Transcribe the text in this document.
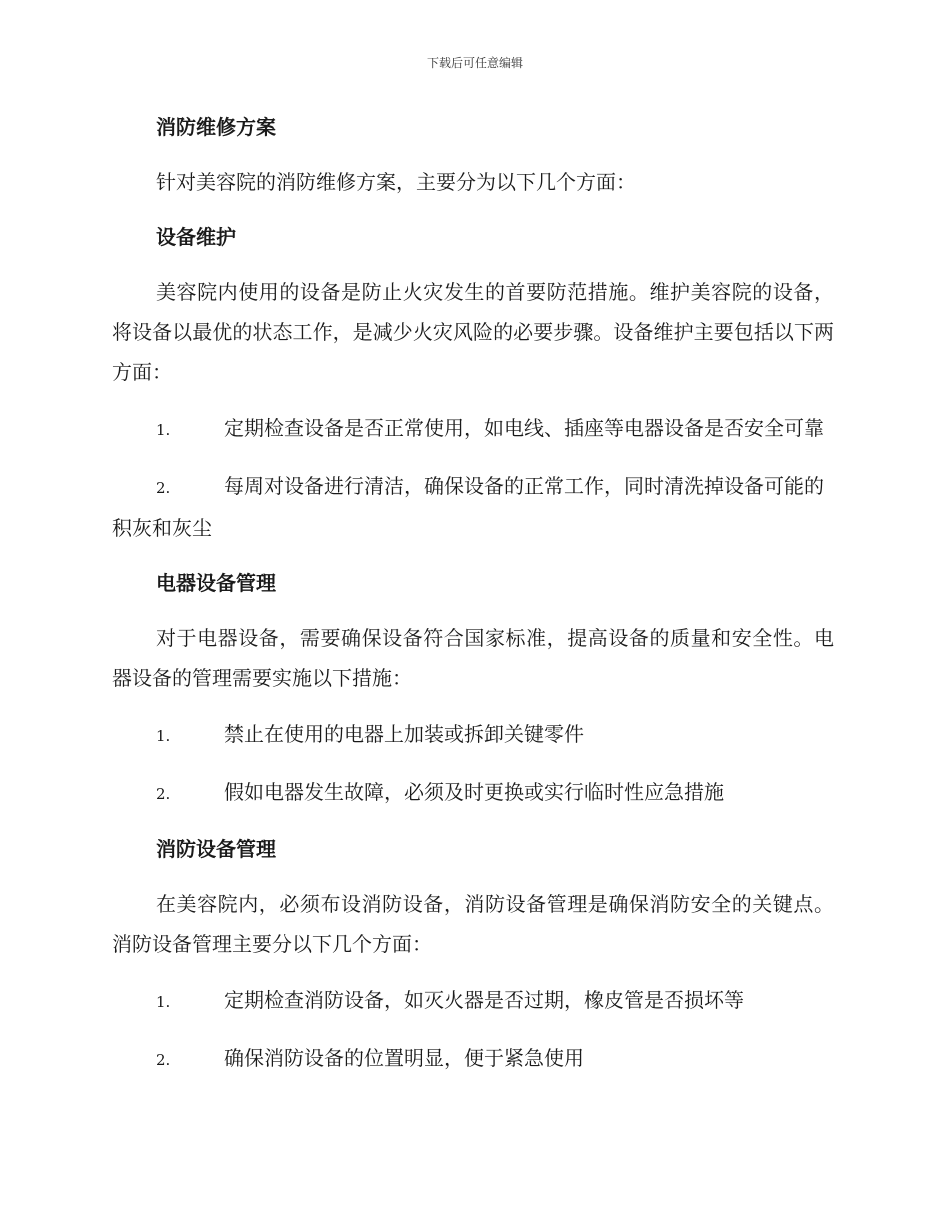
下载后可任意编辑
消防维修方案
针对美容院的消防维修方案，主要分为以下几个方面：
设备维护
美容院内使用的设备是防止火灾发生的首要防范措施。维护美容院的设备，将设备以最优的状态工作，是减少火灾风险的必要步骤。设备维护主要包括以下两方面：
1.	定期检查设备是否正常使用，如电线、插座等电器设备是否安全可靠
2.	每周对设备进行清洁，确保设备的正常工作，同时清洗掉设备可能的积灰和灰尘
电器设备管理
对于电器设备，需要确保设备符合国家标准，提高设备的质量和安全性。电器设备的管理需要实施以下措施：
1.	禁止在使用的电器上加装或拆卸关键零件
2.	假如电器发生故障，必须及时更换或实行临时性应急措施
消防设备管理
在美容院内，必须布设消防设备，消防设备管理是确保消防安全的关键点。消防设备管理主要分以下几个方面：
1.	定期检查消防设备，如灭火器是否过期，橡皮管是否损坏等
2.	确保消防设备的位置明显，便于紧急使用
